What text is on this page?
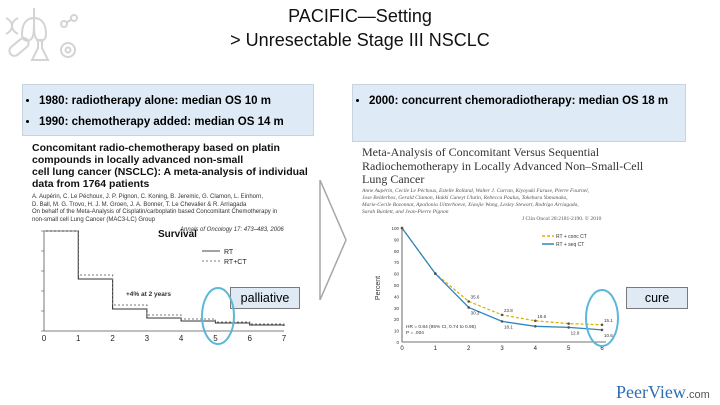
PACIFIC—Setting
> Unresectable Stage III NSCLC
• 1980: radiotherapy alone: median OS 10 m
• 1990: chemotherapy added: median OS 14 m
Concomitant radio-chemotherapy based on platin
compounds in locally advanced non-small
cell lung cancer (NSCLC): A meta-analysis of individual
data from 1764 patients
A. Aupérin, C. Le Péchoux, J. P. Pignon, C. Koning, B. Jeremic, G. Clamon, L. Einhorn,
D. Ball, M. G. Trovo, H. J. M. Groen, J. A. Bonner, T. Le Chevalier & R. Arriagada
On behalf of the Meta-Analysis of Cisplatin/carboplatin based Concomitant Chemotherapy in
non-small cell Lung Cancer (MAC3-LC) Group
Annals of Oncology 17: 473–483, 2006
Survival
0	1	2	3	4	5	6	7
RT
RT+CT
+4% at 2 years	palliative
• 2000: concurrent chemoradiotherapy: median OS 18 m
Meta-Analysis of Concomitant Versus Sequential
Radiochemotherapy in Locally Advanced Non–Small-Cell
Lung Cancer
Anne Aupérin, Cecile Le Péchoux, Estelle Rolland, Walter J. Curran, Kiyoyuki Furuse, Pierre Fournel,
Jose Belderbos, Gerald Clamon, Hakki Cuneyt Ulutin, Rebecca Paulus, Takeharu Yamanaka,
Marie-Cecile Bozonnat, Apollonia Uitterhoeve, Xiaojie Wang, Lesley Stewart, Rodrigo Arriagada,
Sarah Burdett, and Jean-Pierre Pignon
J Clin Oncol 28:2181-2190. © 2010
Percent
0	1	2	3	4	5	6
0
10
20
30
40
50
60
70
80
90
100
35.6
23.8
18.6
15.1
30.3
18.1
12.8
10.6
RT + conc CT
RT + seq CT
HR = 0.84 (95% CI, 0.74 to 0.95)
P = .004
cure
PeerView.com
